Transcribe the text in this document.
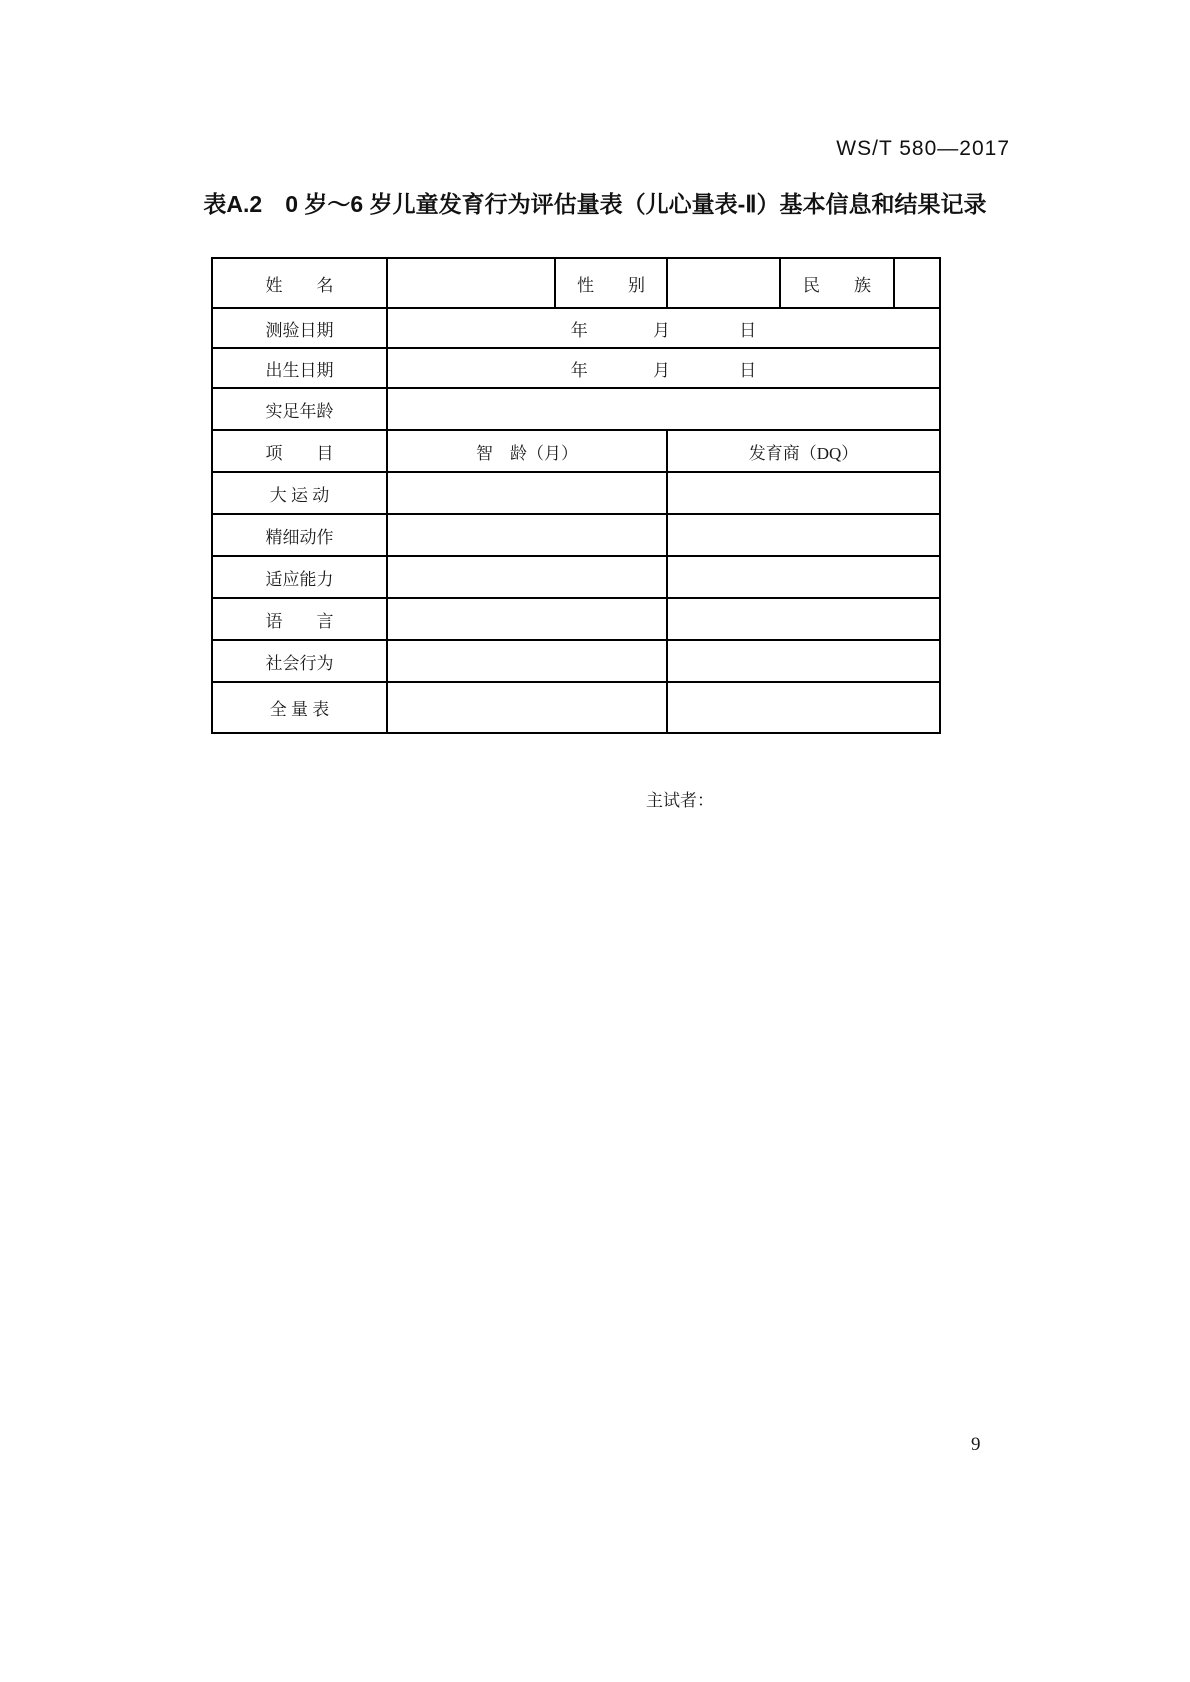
WS/T 580—2017
表A.2　0 岁～6 岁儿童发育行为评估量表（儿心量表-Ⅱ）基本信息和结果记录
姓　　名		性　　别		民　　族	
测验日期	年 月 日				
出生日期	年 月 日				
实足年龄					
项　　目	智　龄（月）		发育商（DQ）		
大 运 动					
精细动作					
适应能力					
语　　言					
社会行为					
全 量 表					
主试者：
9
